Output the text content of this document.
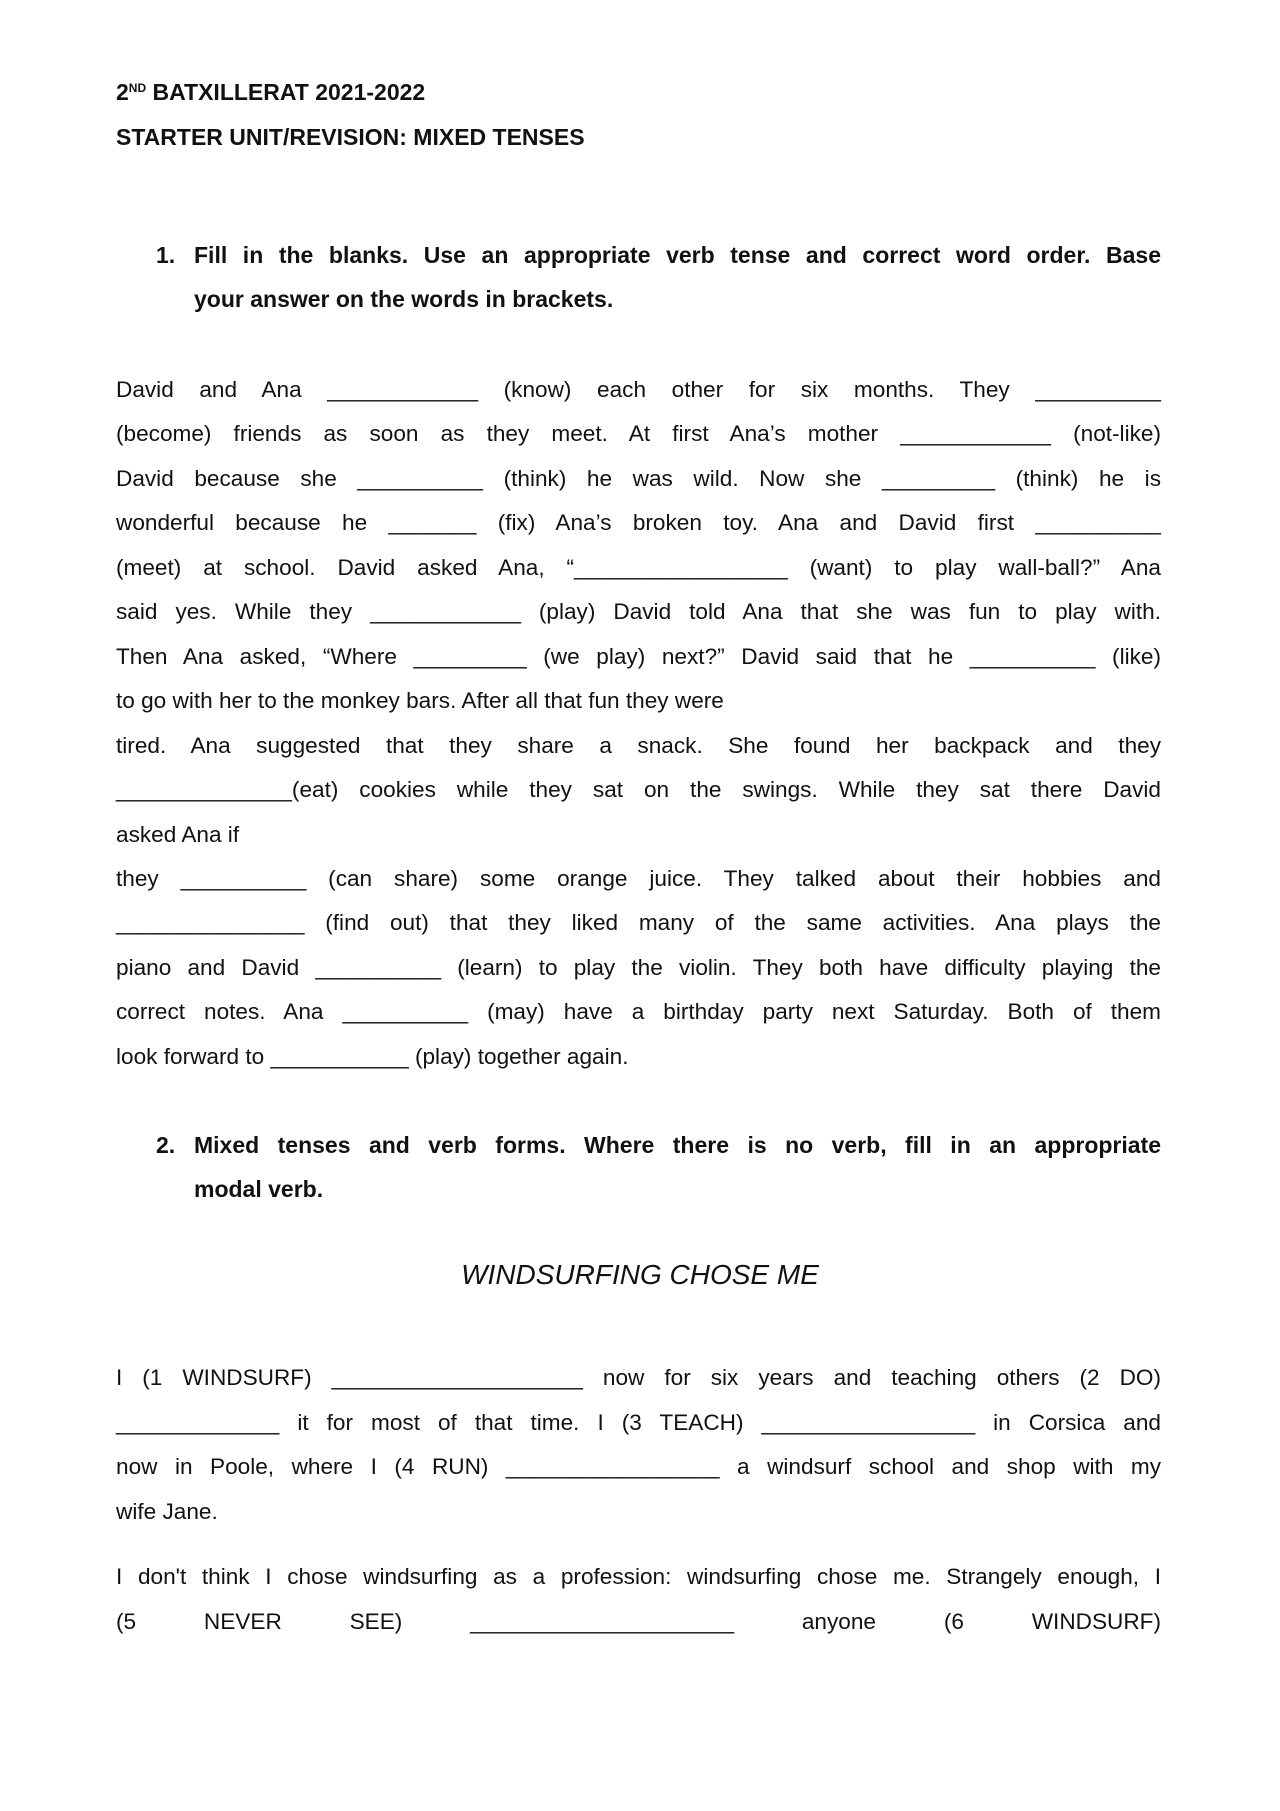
2ND BATXILLERAT 2021-2022
STARTER UNIT/REVISION: MIXED TENSES
1. Fill in the blanks. Use an appropriate verb tense and correct word order. Base
your answer on the words in brackets.
David and Ana ____________ (know) each other for six months. They __________
(become) friends as soon as they meet. At first Ana’s mother ____________ (not-like)
David because she __________ (think) he was wild. Now she _________ (think) he is
wonderful because he _______ (fix) Ana’s broken toy. Ana and David first __________
(meet) at school. David asked Ana, “_________________ (want) to play wall-ball?” Ana
said yes. While they ____________ (play) David told Ana that she was fun to play with.
Then Ana asked, “Where _________ (we play) next?” David said that he __________ (like)
to go with her to the monkey bars. After all that fun they were
tired. Ana suggested that they share a snack. She found her backpack and they
______________(eat) cookies while they sat on the swings. While they sat there David
asked Ana if
they __________ (can share) some orange juice. They talked about their hobbies and
_______________ (find out) that they liked many of the same activities. Ana plays the
piano and David __________ (learn) to play the violin. They both have difficulty playing the
correct notes. Ana __________ (may) have a birthday party next Saturday. Both of them
look forward to ___________ (play) together again.
2. Mixed tenses and verb forms. Where there is no verb, fill in an appropriate
modal verb.
WINDSURFING CHOSE ME
I (1 WINDSURF) ____________________ now for six years and teaching others (2 DO)
_____________ it for most of that time. I (3 TEACH) _________________ in Corsica and
now in Poole, where I (4 RUN) _________________ a windsurf school and shop with my
wife Jane.
I don't think I chose windsurfing as a profession: windsurfing chose me. Strangely enough, I
(5 NEVER SEE) _____________________ anyone (6 WINDSURF)
